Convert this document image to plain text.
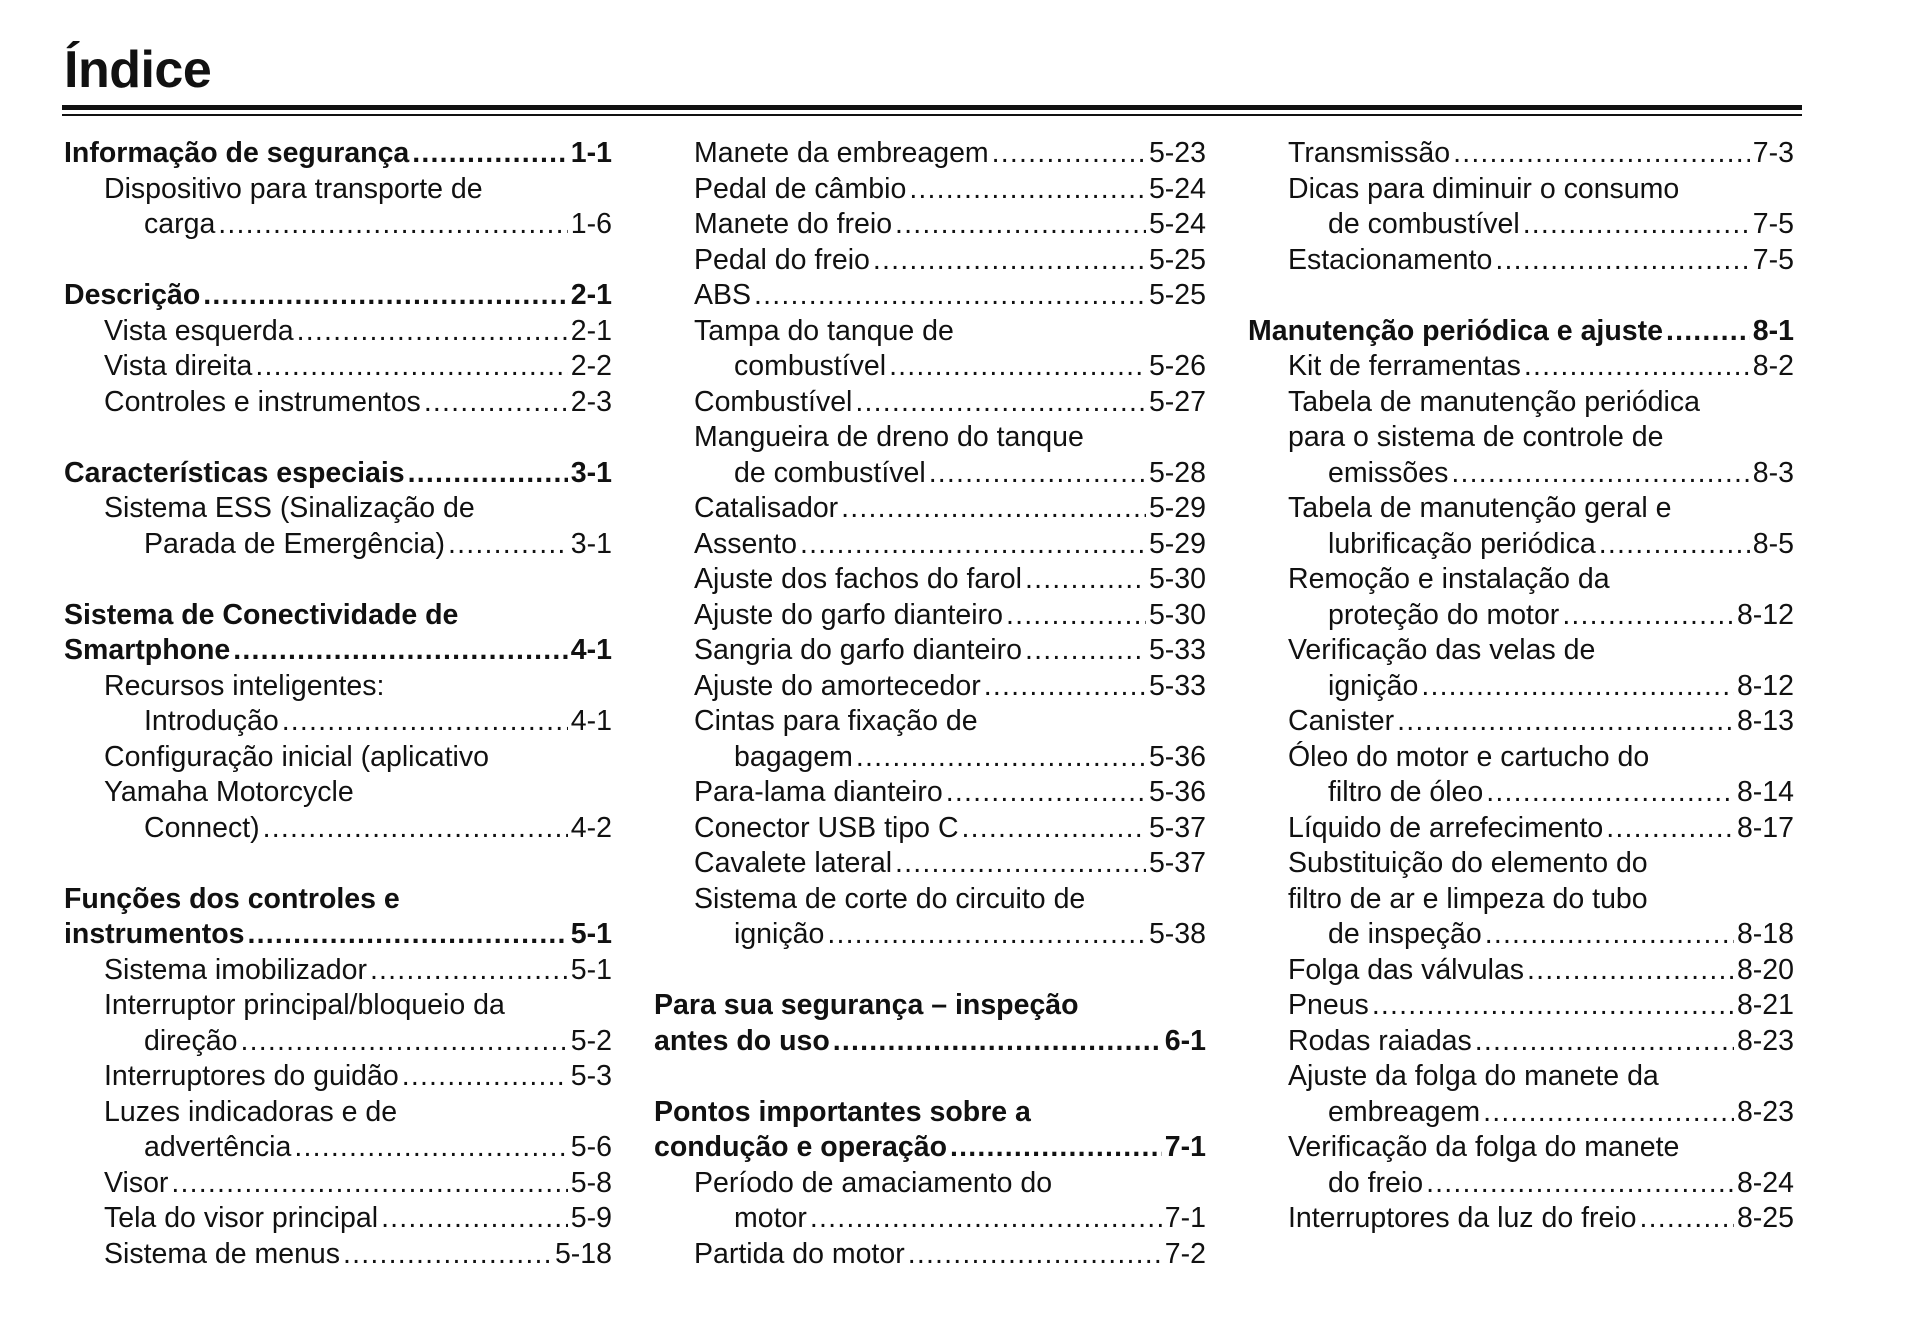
Índice
Informação de segurança .....	1-1
Dispositivo para transporte de
carga .....	1-6
Descrição .....	2-1
Vista esquerda .....	2-1
Vista direita .....	2-2
Controles e instrumentos .....	2-3
Características especiais .....	3-1
Sistema ESS (Sinalização de
Parada de Emergência) .....	3-1
Sistema de Conectividade de
Smartphone .....	4-1
Recursos inteligentes:
Introdução .....	4-1
Configuração inicial (aplicativo
Yamaha Motorcycle
Connect) .....	4-2
Funções dos controles e
instrumentos .....	5-1
Sistema imobilizador .....	5-1
Interruptor principal/bloqueio da
direção .....	5-2
Interruptores do guidão .....	5-3
Luzes indicadoras e de
advertência .....	5-6
Visor .....	5-8
Tela do visor principal .....	5-9
Sistema de menus .....	5-18
Manete da embreagem .....	5-23
Pedal de câmbio .....	5-24
Manete do freio .....	5-24
Pedal do freio .....	5-25
ABS .....	5-25
Tampa do tanque de
combustível .....	5-26
Combustível .....	5-27
Mangueira de dreno do tanque
de combustível .....	5-28
Catalisador .....	5-29
Assento .....	5-29
Ajuste dos fachos do farol .....	5-30
Ajuste do garfo dianteiro .....	5-30
Sangria do garfo dianteiro .....	5-33
Ajuste do amortecedor .....	5-33
Cintas para fixação de
bagagem .....	5-36
Para-lama dianteiro .....	5-36
Conector USB tipo C .....	5-37
Cavalete lateral .....	5-37
Sistema de corte do circuito de
ignição .....	5-38
Para sua segurança – inspeção
antes do uso .....	6-1
Pontos importantes sobre a
condução e operação .....	7-1
Período de amaciamento do
motor .....	7-1
Partida do motor .....	7-2
Transmissão .....	7-3
Dicas para diminuir o consumo
de combustível .....	7-5
Estacionamento .....	7-5
Manutenção periódica e ajuste .....	8-1
Kit de ferramentas .....	8-2
Tabela de manutenção periódica
para o sistema de controle de
emissões .....	8-3
Tabela de manutenção geral e
lubrificação periódica .....	8-5
Remoção e instalação da
proteção do motor .....	8-12
Verificação das velas de
ignição .....	8-12
Canister .....	8-13
Óleo do motor e cartucho do
filtro de óleo .....	8-14
Líquido de arrefecimento .....	8-17
Substituição do elemento do
filtro de ar e limpeza do tubo
de inspeção .....	8-18
Folga das válvulas .....	8-20
Pneus .....	8-21
Rodas raiadas .....	8-23
Ajuste da folga do manete da
embreagem .....	8-23
Verificação da folga do manete
do freio .....	8-24
Interruptores da luz do freio .....	8-25
